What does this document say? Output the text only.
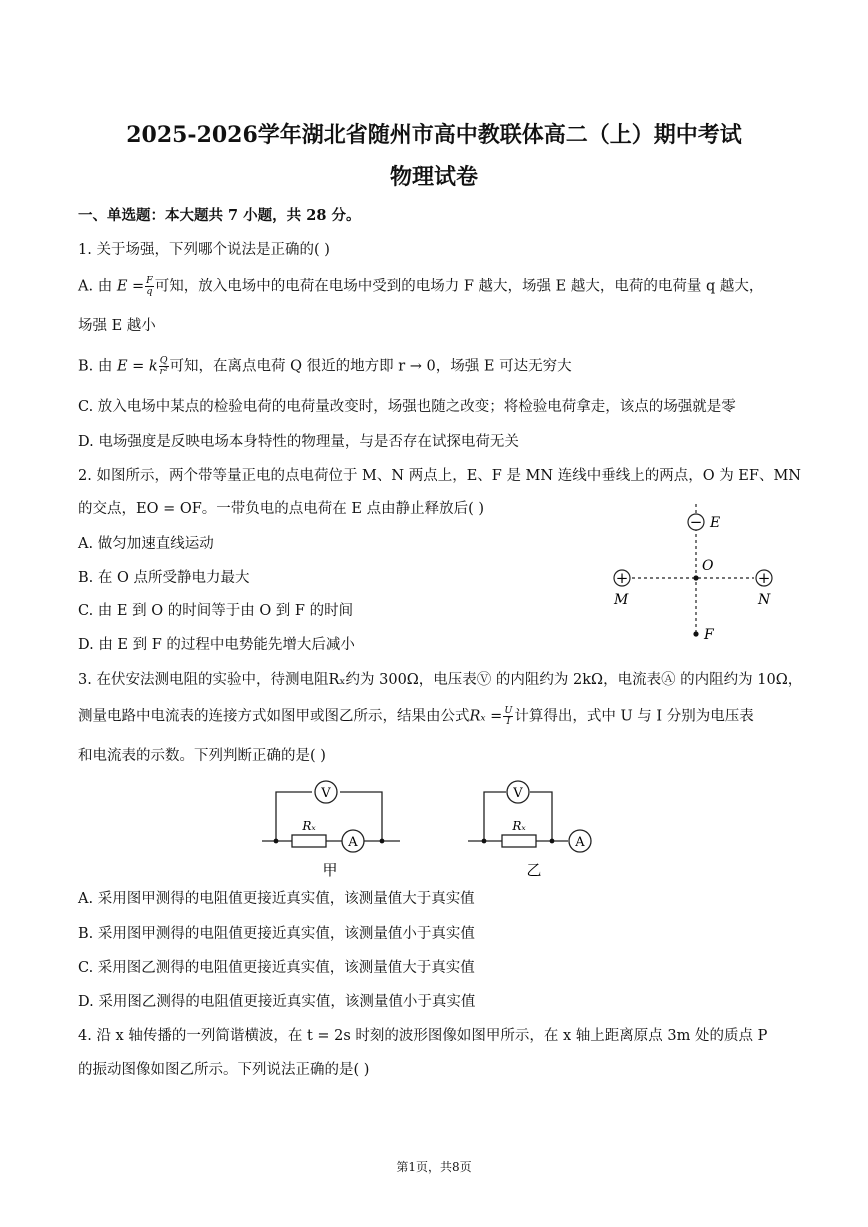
2025-2026学年湖北省随州市高中教联体高二（上）期中考试
物理试卷
一、单选题：本大题共 7 小题，共 28 分。
1. 关于场强，下列哪个说法是正确的( )
A. 由 $E = \frac{F}{q}$ 可知，放入电场中的电荷在电场中受到的电场力 F 越大，场强 E 越大，电荷的电荷量 q 越大，
场强 E 越小
B. 由 E = k $\frac{Q}{\text{r²}}$ 可知，在离点电荷 Q 很近的地方即 r → 0，场强 E 可达无穷大
C. 放入电场中某点的检验电荷的电荷量改变时，场强也随之改变；将检验电荷拿走，该点的场强就是零
D. 电场强度是反映电场本身特性的物理量，与是否存在试探电荷无关
2. 如图所示，两个带等量正电的点电荷位于 M、N 两点上，E、F 是 MN 连线中垂线上的两点，O 为 EF、MN
的交点，EO = OF。一带负电的点电荷在 E 点由静止释放后( )
A. 做匀加速直线运动
B. 在 O 点所受静电力最大
C. 由 E 到 O 的时间等于由 O 到 F 的时间
D. 由 E 到 F 的过程中电势能先增大后减小
− E
O
+
M
+
N
F
3. 在伏安法测电阻的实验中，待测电阻Rₓ约为 300Ω，电压表Ⓥ 的内阻约为 2kΩ，电流表Ⓐ 的内阻约为 10Ω，
测量电路中电流表的连接方式如图甲或图乙所示，结果由公式$R_x = \frac{U}{I}$ 计算得出，式中 U 与 I 分别为电压表
和电流表的示数。下列判断正确的是( )
V
Rₓ
A
甲
V
Rₓ
A
乙
A. 采用图甲测得的电阻值更接近真实值，该测量值大于真实值
B. 采用图甲测得的电阻值更接近真实值，该测量值小于真实值
C. 采用图乙测得的电阻值更接近真实值，该测量值大于真实值
D. 采用图乙测得的电阻值更接近真实值，该测量值小于真实值
4. 沿 x 轴传播的一列简谐横波，在 t = 2s 时刻的波形图像如图甲所示，在 x 轴上距离原点 3m 处的质点 P
的振动图像如图乙所示。下列说法正确的是( )
第1页，共8页
